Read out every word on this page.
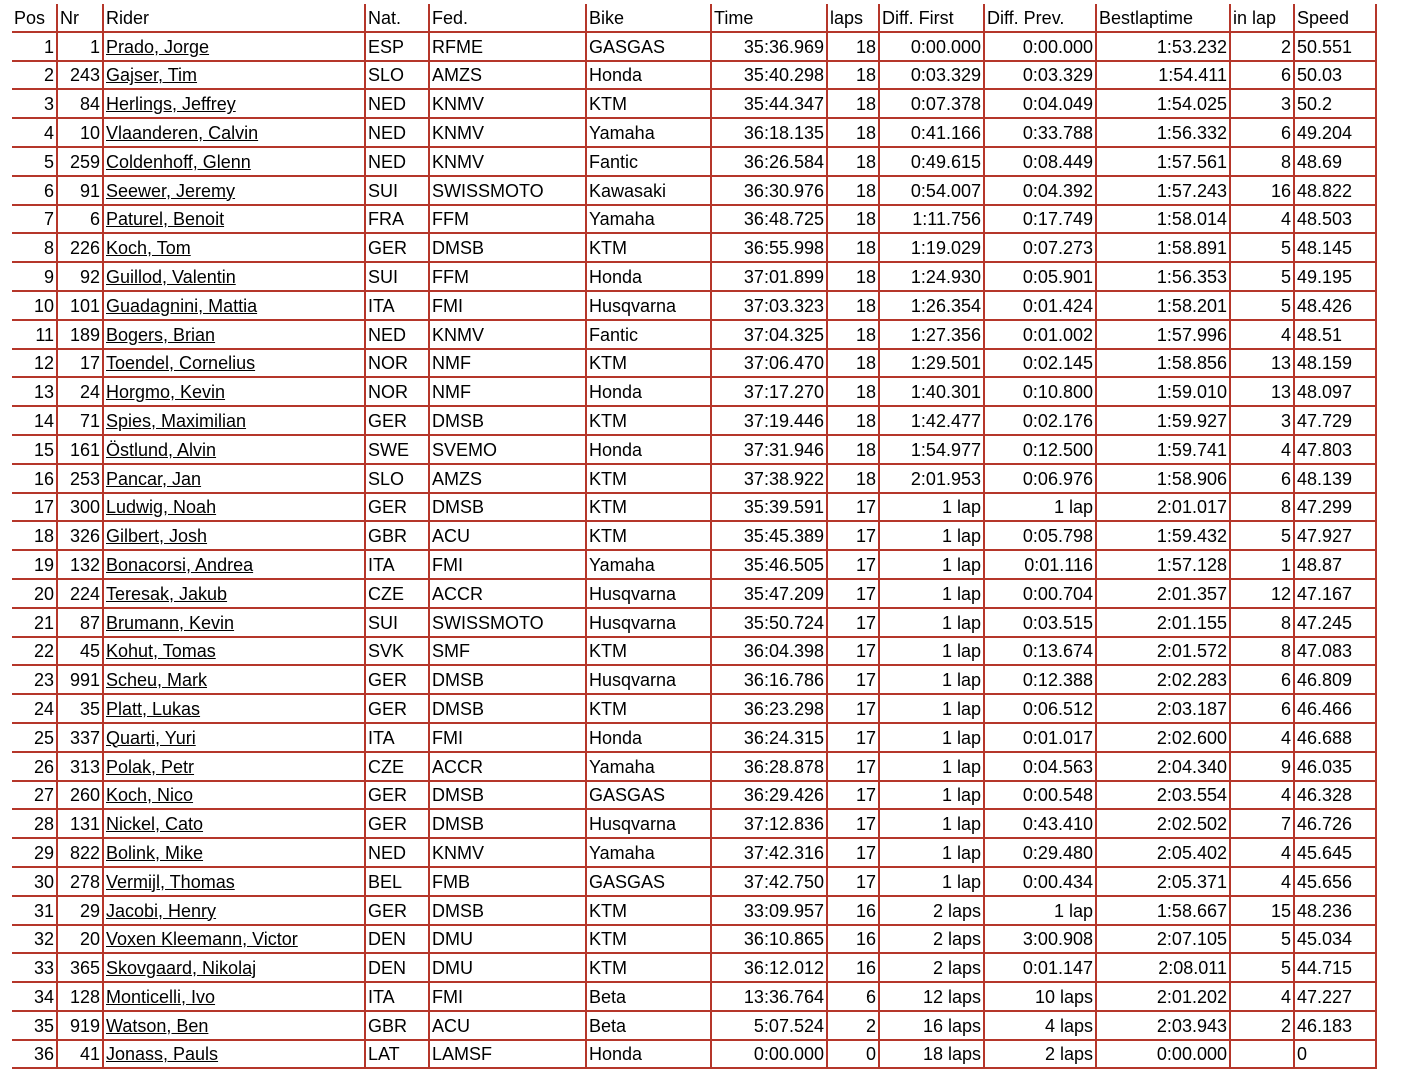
Pos	Nr	Rider	Nat.	Fed.	Bike	Time	laps	Diff. First	Diff. Prev.	Bestlaptime	in lap	Speed
1	1	Prado, Jorge	ESP	RFME	GASGAS	35:36.969	18	0:00.000	0:00.000	1:53.232	2	50.551
2	243	Gajser, Tim	SLO	AMZS	Honda	35:40.298	18	0:03.329	0:03.329	1:54.411	6	50.03
3	84	Herlings, Jeffrey	NED	KNMV	KTM	35:44.347	18	0:07.378	0:04.049	1:54.025	3	50.2
4	10	Vlaanderen, Calvin	NED	KNMV	Yamaha	36:18.135	18	0:41.166	0:33.788	1:56.332	6	49.204
5	259	Coldenhoff, Glenn	NED	KNMV	Fantic	36:26.584	18	0:49.615	0:08.449	1:57.561	8	48.69
6	91	Seewer, Jeremy	SUI	SWISSMOTO	Kawasaki	36:30.976	18	0:54.007	0:04.392	1:57.243	16	48.822
7	6	Paturel, Benoit	FRA	FFM	Yamaha	36:48.725	18	1:11.756	0:17.749	1:58.014	4	48.503
8	226	Koch, Tom	GER	DMSB	KTM	36:55.998	18	1:19.029	0:07.273	1:58.891	5	48.145
9	92	Guillod, Valentin	SUI	FFM	Honda	37:01.899	18	1:24.930	0:05.901	1:56.353	5	49.195
10	101	Guadagnini, Mattia	ITA	FMI	Husqvarna	37:03.323	18	1:26.354	0:01.424	1:58.201	5	48.426
11	189	Bogers, Brian	NED	KNMV	Fantic	37:04.325	18	1:27.356	0:01.002	1:57.996	4	48.51
12	17	Toendel, Cornelius	NOR	NMF	KTM	37:06.470	18	1:29.501	0:02.145	1:58.856	13	48.159
13	24	Horgmo, Kevin	NOR	NMF	Honda	37:17.270	18	1:40.301	0:10.800	1:59.010	13	48.097
14	71	Spies, Maximilian	GER	DMSB	KTM	37:19.446	18	1:42.477	0:02.176	1:59.927	3	47.729
15	161	Östlund, Alvin	SWE	SVEMO	Honda	37:31.946	18	1:54.977	0:12.500	1:59.741	4	47.803
16	253	Pancar, Jan	SLO	AMZS	KTM	37:38.922	18	2:01.953	0:06.976	1:58.906	6	48.139
17	300	Ludwig, Noah	GER	DMSB	KTM	35:39.591	17	1 lap	1 lap	2:01.017	8	47.299
18	326	Gilbert, Josh	GBR	ACU	KTM	35:45.389	17	1 lap	0:05.798	1:59.432	5	47.927
19	132	Bonacorsi, Andrea	ITA	FMI	Yamaha	35:46.505	17	1 lap	0:01.116	1:57.128	1	48.87
20	224	Teresak, Jakub	CZE	ACCR	Husqvarna	35:47.209	17	1 lap	0:00.704	2:01.357	12	47.167
21	87	Brumann, Kevin	SUI	SWISSMOTO	Husqvarna	35:50.724	17	1 lap	0:03.515	2:01.155	8	47.245
22	45	Kohut, Tomas	SVK	SMF	KTM	36:04.398	17	1 lap	0:13.674	2:01.572	8	47.083
23	991	Scheu, Mark	GER	DMSB	Husqvarna	36:16.786	17	1 lap	0:12.388	2:02.283	6	46.809
24	35	Platt, Lukas	GER	DMSB	KTM	36:23.298	17	1 lap	0:06.512	2:03.187	6	46.466
25	337	Quarti, Yuri	ITA	FMI	Honda	36:24.315	17	1 lap	0:01.017	2:02.600	4	46.688
26	313	Polak, Petr	CZE	ACCR	Yamaha	36:28.878	17	1 lap	0:04.563	2:04.340	9	46.035
27	260	Koch, Nico	GER	DMSB	GASGAS	36:29.426	17	1 lap	0:00.548	2:03.554	4	46.328
28	131	Nickel, Cato	GER	DMSB	Husqvarna	37:12.836	17	1 lap	0:43.410	2:02.502	7	46.726
29	822	Bolink, Mike	NED	KNMV	Yamaha	37:42.316	17	1 lap	0:29.480	2:05.402	4	45.645
30	278	Vermijl, Thomas	BEL	FMB	GASGAS	37:42.750	17	1 lap	0:00.434	2:05.371	4	45.656
31	29	Jacobi, Henry	GER	DMSB	KTM	33:09.957	16	2 laps	1 lap	1:58.667	15	48.236
32	20	Voxen Kleemann, Victor	DEN	DMU	KTM	36:10.865	16	2 laps	3:00.908	2:07.105	5	45.034
33	365	Skovgaard, Nikolaj	DEN	DMU	KTM	36:12.012	16	2 laps	0:01.147	2:08.011	5	44.715
34	128	Monticelli, Ivo	ITA	FMI	Beta	13:36.764	6	12 laps	10 laps	2:01.202	4	47.227
35	919	Watson, Ben	GBR	ACU	Beta	5:07.524	2	16 laps	4 laps	2:03.943	2	46.183
36	41	Jonass, Pauls	LAT	LAMSF	Honda	0:00.000	0	18 laps	2 laps	0:00.000		0
